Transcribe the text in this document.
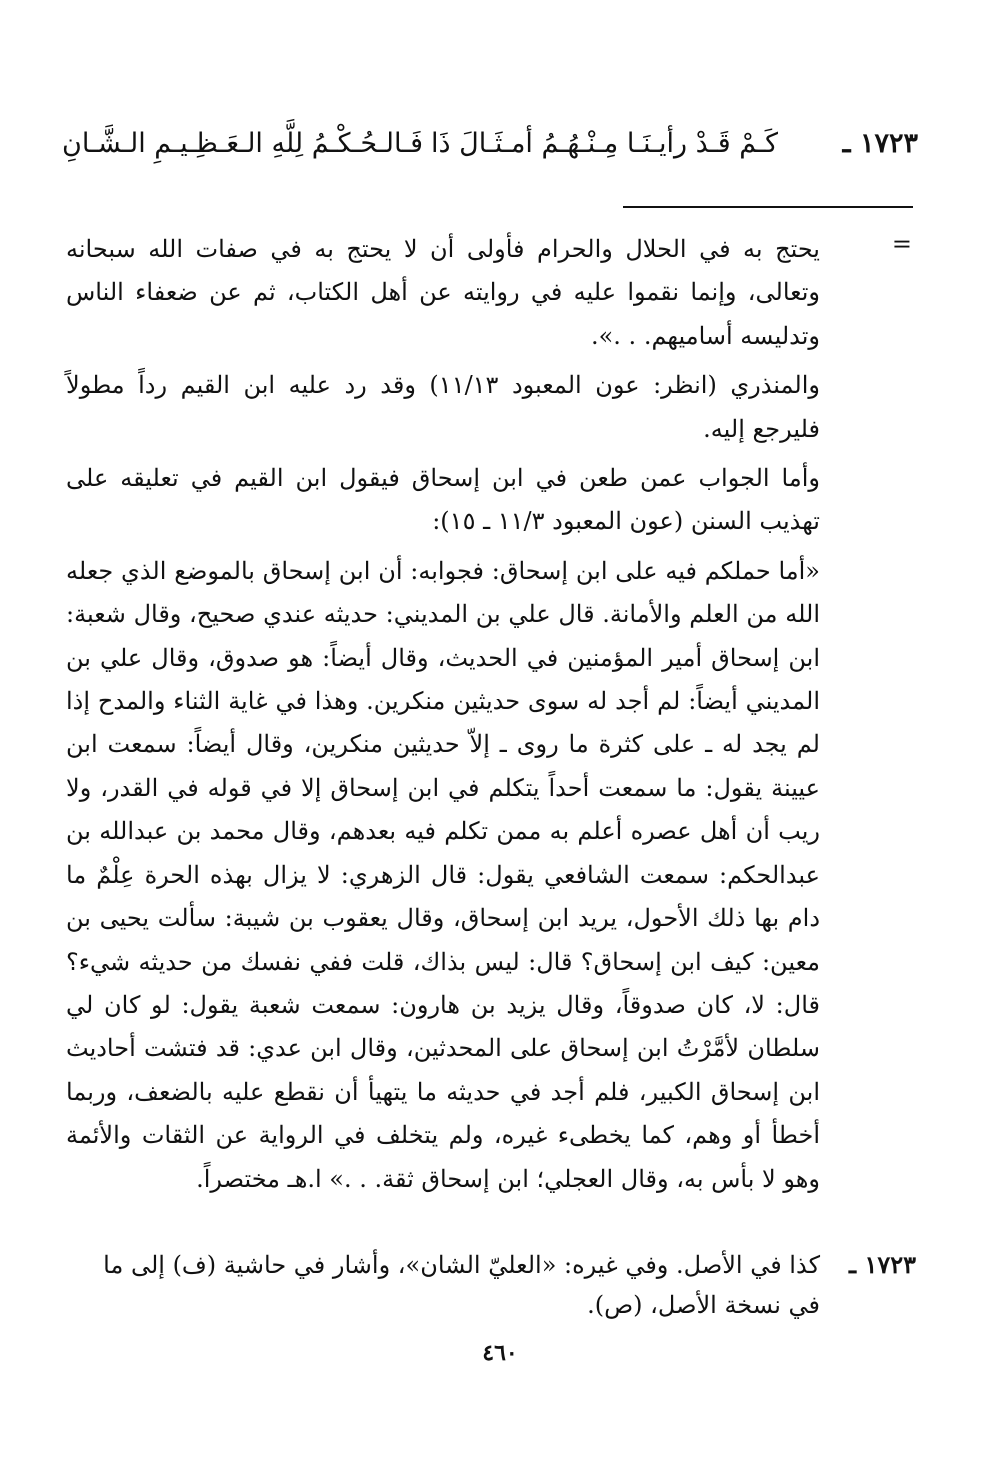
١٧٢٣ ـ
كَـمْ قَـدْ رأيـنَـا مِـنْـهُـمُ أمـثَـالَ ذَا
فَـالـحُـكْـمُ لِلَّهِ الـعَـظِـيـمِ الـشَّـانِ
=

يحتج به في الحلال والحرام فأولى أن لا يحتج به في صفات الله سبحانه وتعالى، وإنما نقموا عليه في روايته عن أهل الكتاب، ثم عن ضعفاء الناس وتدليسه أساميهم. . .».

والمنذري (انظر: عون المعبود ١١/١٣) وقد رد عليه ابن القيم رداً مطولاً فليرجع إليه.

وأما الجواب عمن طعن في ابن إسحاق فيقول ابن القيم في تعليقه على تهذيب السنن (عون المعبود ١١/٣ ـ ١٥):

«أما حملكم فيه على ابن إسحاق: فجوابه: أن ابن إسحاق بالموضع الذي جعله الله من العلم والأمانة. قال علي بن المديني: حديثه عندي صحيح، وقال شعبة: ابن إسحاق أمير المؤمنين في الحديث، وقال أيضاً: هو صدوق، وقال علي بن المديني أيضاً: لم أجد له سوى حديثين منكرين. وهذا في غاية الثناء والمدح إذا لم يجد له ـ على كثرة ما روى ـ إلاّ حديثين منكرين، وقال أيضاً: سمعت ابن عيينة يقول: ما سمعت أحداً يتكلم في ابن إسحاق إلا في قوله في القدر، ولا ريب أن أهل عصره أعلم به ممن تكلم فيه بعدهم، وقال محمد بن عبدالله بن عبدالحكم: سمعت الشافعي يقول: قال الزهري: لا يزال بهذه الحرة عِلْمٌ ما دام بها ذلك الأحول، يريد ابن إسحاق، وقال يعقوب بن شيبة: سألت يحيى بن معين: كيف ابن إسحاق؟ قال: ليس بذاك، قلت ففي نفسك من حديثه شيء؟ قال: لا، كان صدوقاً، وقال يزيد بن هارون: سمعت شعبة يقول: لو كان لي سلطان لأمَّرْتُ ابن إسحاق على المحدثين، وقال ابن عدي: قد فتشت أحاديث ابن إسحاق الكبير، فلم أجد في حديثه ما يتهيأ أن نقطع عليه بالضعف، وربما أخطأ أو وهم، كما يخطىء غيره، ولم يتخلف في الرواية عن الثقات والأئمة وهو لا بأس به، وقال العجلي؛ ابن إسحاق ثقة. . .» ا.هـ مختصراً.

١٧٢٣ ـ
كذا في الأصل. وفي غيره: «العليّ الشان»، وأشار في حاشية (ف) إلى ما في نسخة الأصل، (ص).
٤٦٠
